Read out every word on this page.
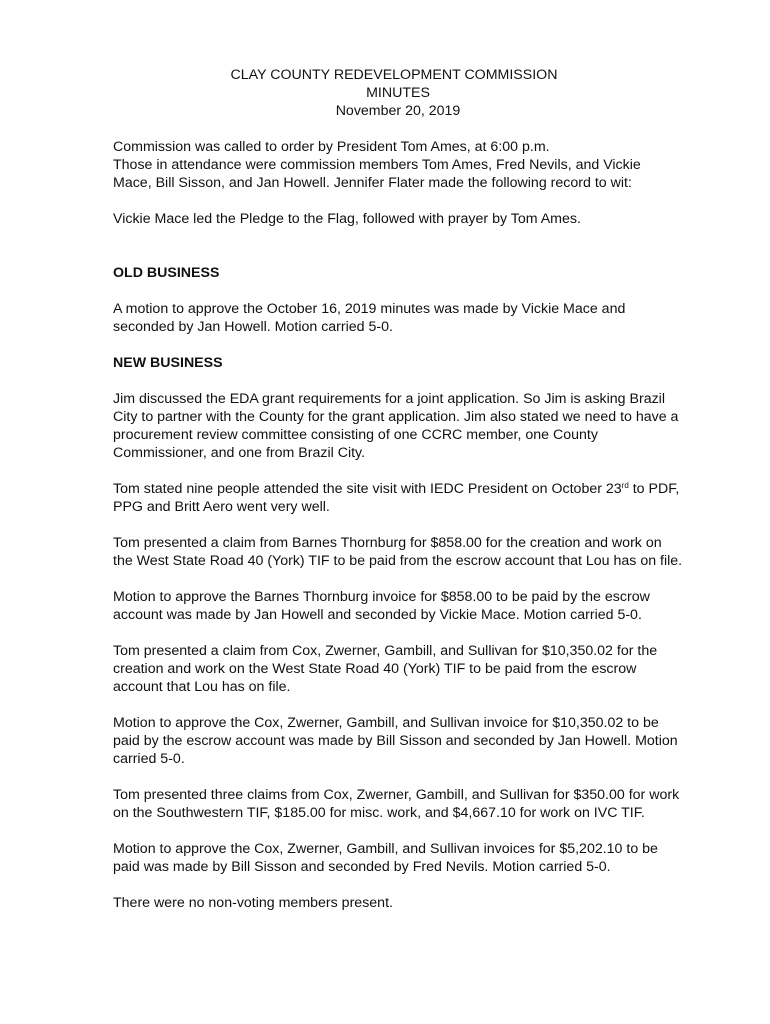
CLAY COUNTY REDEVELOPMENT COMMISSION
MINUTES
November 20, 2019

Commission was called to order by President Tom Ames, at 6:00 p.m.

Those in attendance were commission members Tom Ames, Fred Nevils, and Vickie Mace, Bill Sisson, and Jan Howell. Jennifer Flater made the following record to wit:

Vickie Mace led the Pledge to the Flag, followed with prayer by Tom Ames.

OLD BUSINESS

A motion to approve the October 16, 2019 minutes was made by Vickie Mace and seconded by Jan Howell. Motion carried 5-0.

NEW BUSINESS

Jim discussed the EDA grant requirements for a joint application. So Jim is asking Brazil City to partner with the County for the grant application. Jim also stated we need to have a procurement review committee consisting of one CCRC member, one County Commissioner, and one from Brazil City.

Tom stated nine people attended the site visit with IEDC President on October 23rd to PDF, PPG and Britt Aero went very well.

Tom presented a claim from Barnes Thornburg for $858.00 for the creation and work on the West State Road 40 (York) TIF to be paid from the escrow account that Lou has on file.

Motion to approve the Barnes Thornburg invoice for $858.00 to be paid by the escrow account was made by Jan Howell and seconded by Vickie Mace. Motion carried 5-0.

Tom presented a claim from Cox, Zwerner, Gambill, and Sullivan for $10,350.02 for the creation and work on the West State Road 40 (York) TIF to be paid from the escrow account that Lou has on file.

Motion to approve the Cox, Zwerner, Gambill, and Sullivan invoice for $10,350.02 to be paid by the escrow account was made by Bill Sisson and seconded by Jan Howell. Motion carried 5-0.

Tom presented three claims from Cox, Zwerner, Gambill, and Sullivan for $350.00 for work on the Southwestern TIF, $185.00 for misc. work, and $4,667.10 for work on IVC TIF.

Motion to approve the Cox, Zwerner, Gambill, and Sullivan invoices for $5,202.10 to be paid was made by Bill Sisson and seconded by Fred Nevils. Motion carried 5-0.

There were no non-voting members present.
